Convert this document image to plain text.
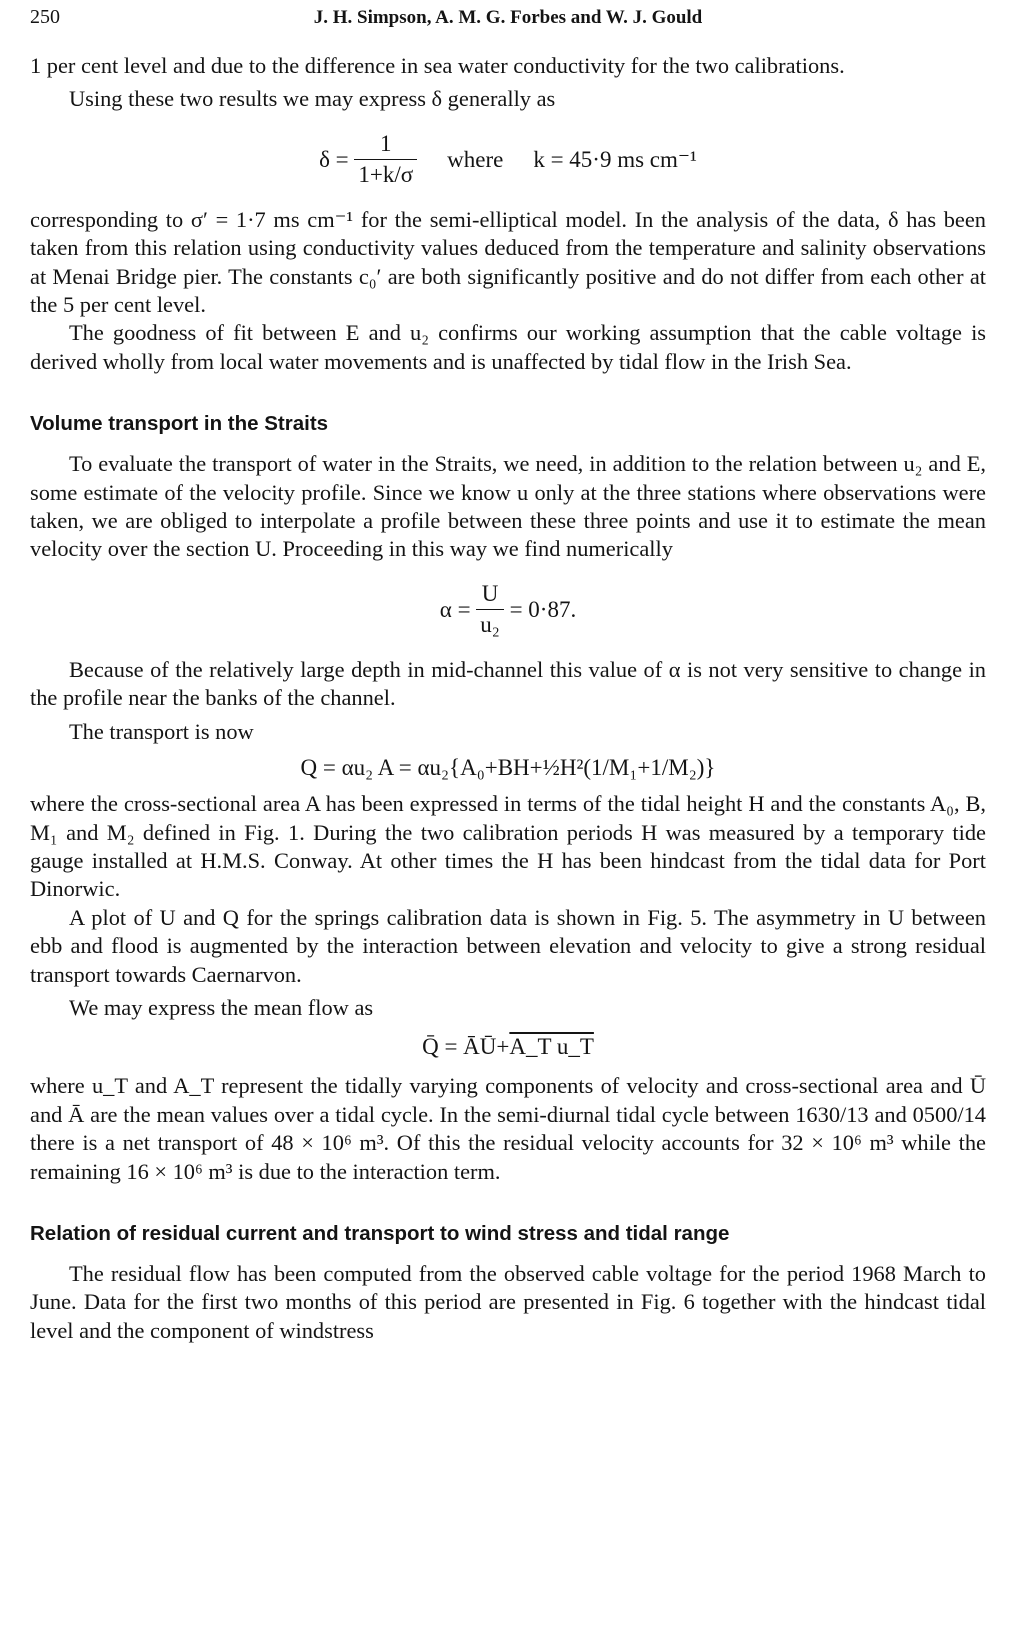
250	J. H. Simpson, A. M. G. Forbes and W. J. Gould

1 per cent level and due to the difference in sea water conductivity for the two calibrations.

Using these two results we may express δ generally as

δ =
$\frac{1}{1+k/\sigma}$ where k = 45·9 ms cm⁻¹

corresponding to σ′ = 1·7 ms cm⁻¹ for the semi-elliptical model. In the analysis of the data, δ has been taken from this relation using conductivity values deduced from the temperature and salinity observations at Menai Bridge pier. The constants c₀′ are both significantly positive and do not differ from each other at the 5 per cent level.

The goodness of fit between E and u₂ confirms our working assumption that the cable voltage is derived wholly from local water movements and is unaffected by tidal flow in the Irish Sea.

Volume transport in the Straits

To evaluate the transport of water in the Straits, we need, in addition to the relation between u₂ and E, some estimate of the velocity profile. Since we know u only at the three stations where observations were taken, we are obliged to interpolate a profile between these three points and use it to estimate the mean velocity over the section U. Proceeding in this way we find numerically

α =
$\frac{U}{\text{u₂}}$
= 0·87.

Because of the relatively large depth in mid-channel this value of α is not very sensitive to change in the profile near the banks of the channel.

The transport is now

Q = αu₂ A = αu₂{A₀+BH+½H²(1/M₁+1/M₂)}

where the cross-sectional area A has been expressed in terms of the tidal height H and the constants A₀, B, M₁ and M₂ defined in Fig. 1. During the two calibration periods H was measured by a temporary tide gauge installed at H.M.S. Conway. At other times the H has been hindcast from the tidal data for Port Dinorwic.

A plot of U and Q for the springs calibration data is shown in Fig. 5. The asymmetry in U between ebb and flood is augmented by the interaction between elevation and velocity to give a strong residual transport towards Caernarvon.

We may express the mean flow as

Q̄ = ĀŪ+A_T u_T

where u_T and A_T represent the tidally varying components of velocity and cross-sectional area and Ū and Ā are the mean values over a tidal cycle. In the semi-diurnal tidal cycle between 1630/13 and 0500/14 there is a net transport of 48 × 10⁶ m³. Of this the residual velocity accounts for 32 × 10⁶ m³ while the remaining 16 × 10⁶ m³ is due to the interaction term.

Relation of residual current and transport to wind stress and tidal range

The residual flow has been computed from the observed cable voltage for the period 1968 March to June. Data for the first two months of this period are presented in Fig. 6 together with the hindcast tidal level and the component of windstress
